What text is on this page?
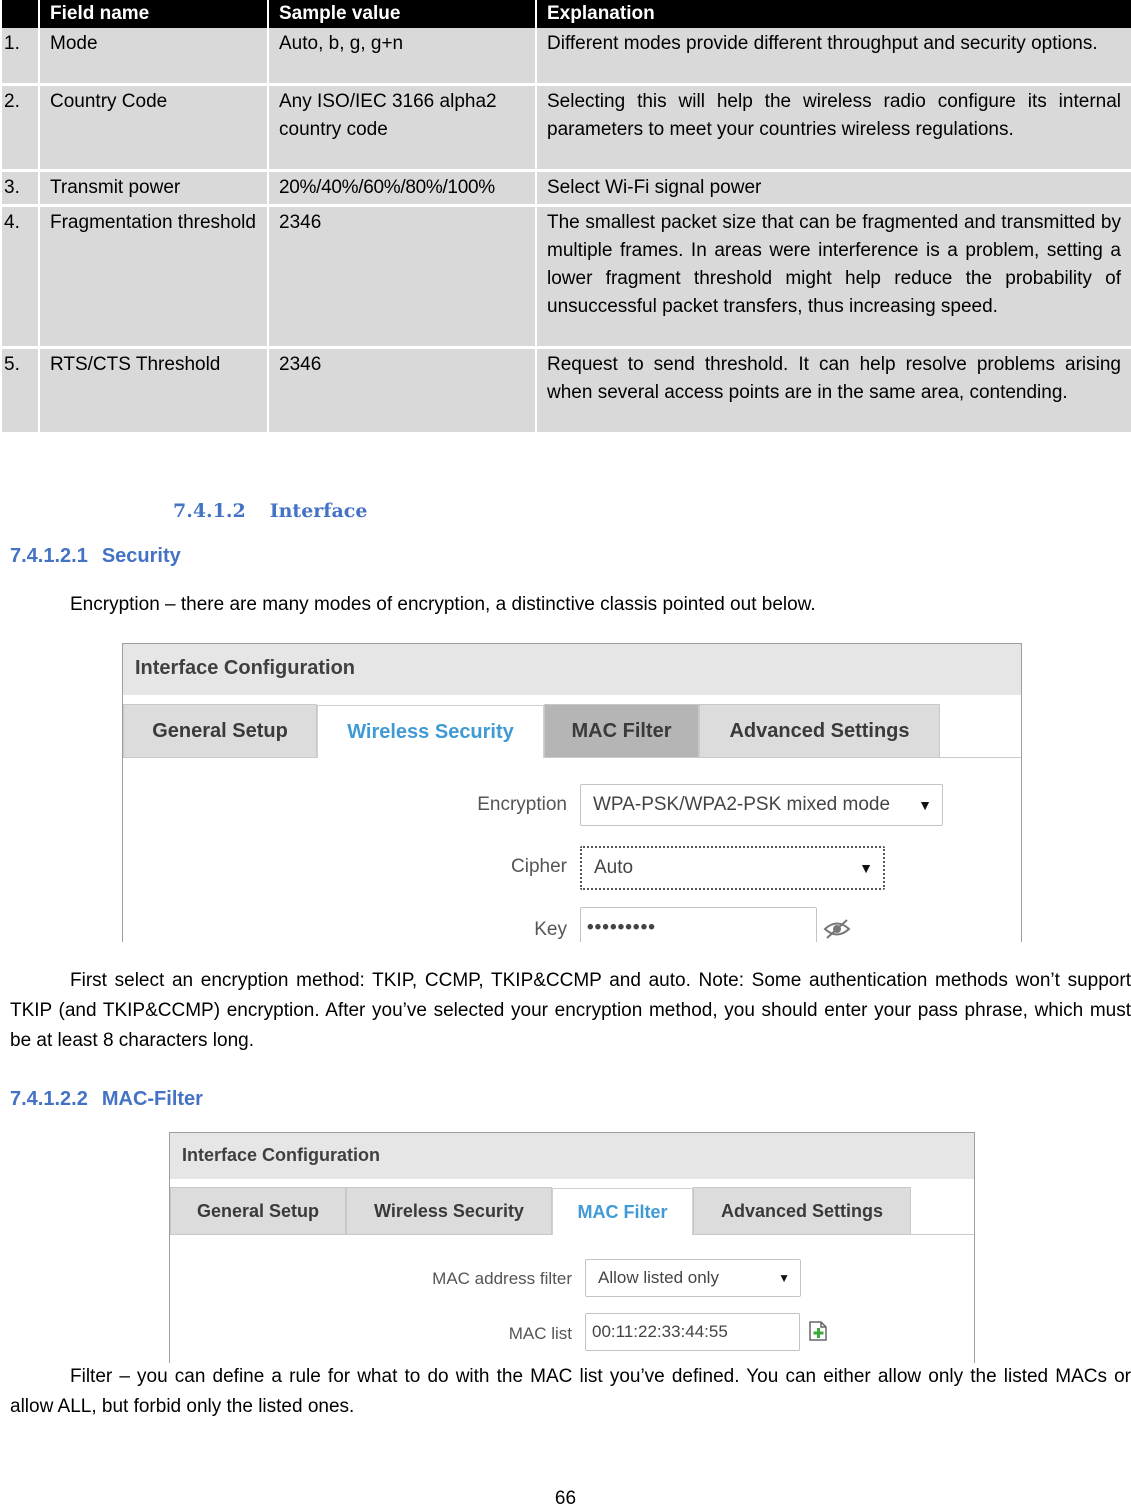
	Field name	Sample value	Explanation
1.	Mode	Auto, b, g, g+n	Different modes provide different throughput and security options.
2.	Country Code	Any ISO/IEC 3166 alpha2 country code	Selecting this will help the wireless radio configure its internal parameters to meet your countries wireless regulations.
3.	Transmit power	20%/40%/60%/80%/100%	Select Wi-Fi signal power
4.	Fragmentation threshold	2346	The smallest packet size that can be fragmented and transmitted by multiple frames. In areas were interference is a problem, setting a lower fragment threshold might help reduce the probability of unsuccessful packet transfers, thus increasing speed.
5.	RTS/CTS Threshold	2346	Request to send threshold. It can help resolve problems arising when several access points are in the same area, contending.
7.4.1.2 Interface
7.4.1.2.1 Security
Encryption – there are many modes of encryption, a distinctive classis pointed out below.
Interface Configuration
General Setup	Wireless Security	MAC Filter	Advanced Settings
Encryption WPA-PSK/WPA2-PSK mixed mode ▼
Cipher Auto	▼
Key •••••••••
First select an encryption method: TKIP, CCMP, TKIP&CCMP and auto. Note: Some authentication methods won’t support TKIP (and TKIP&CCMP) encryption. After you’ve selected your encryption method, you should enter your pass phrase, which must be at least 8 characters long.
7.4.1.2.2 MAC-Filter
Interface Configuration
General Setup	Wireless Security	MAC Filter	Advanced Settings
MAC address filter Allow listed only	▼
MAC list 00:11:22:33:44:55
Filter – you can define a rule for what to do with the MAC list you’ve defined. You can either allow only the listed MACs or allow ALL, but forbid only the listed ones.
66
